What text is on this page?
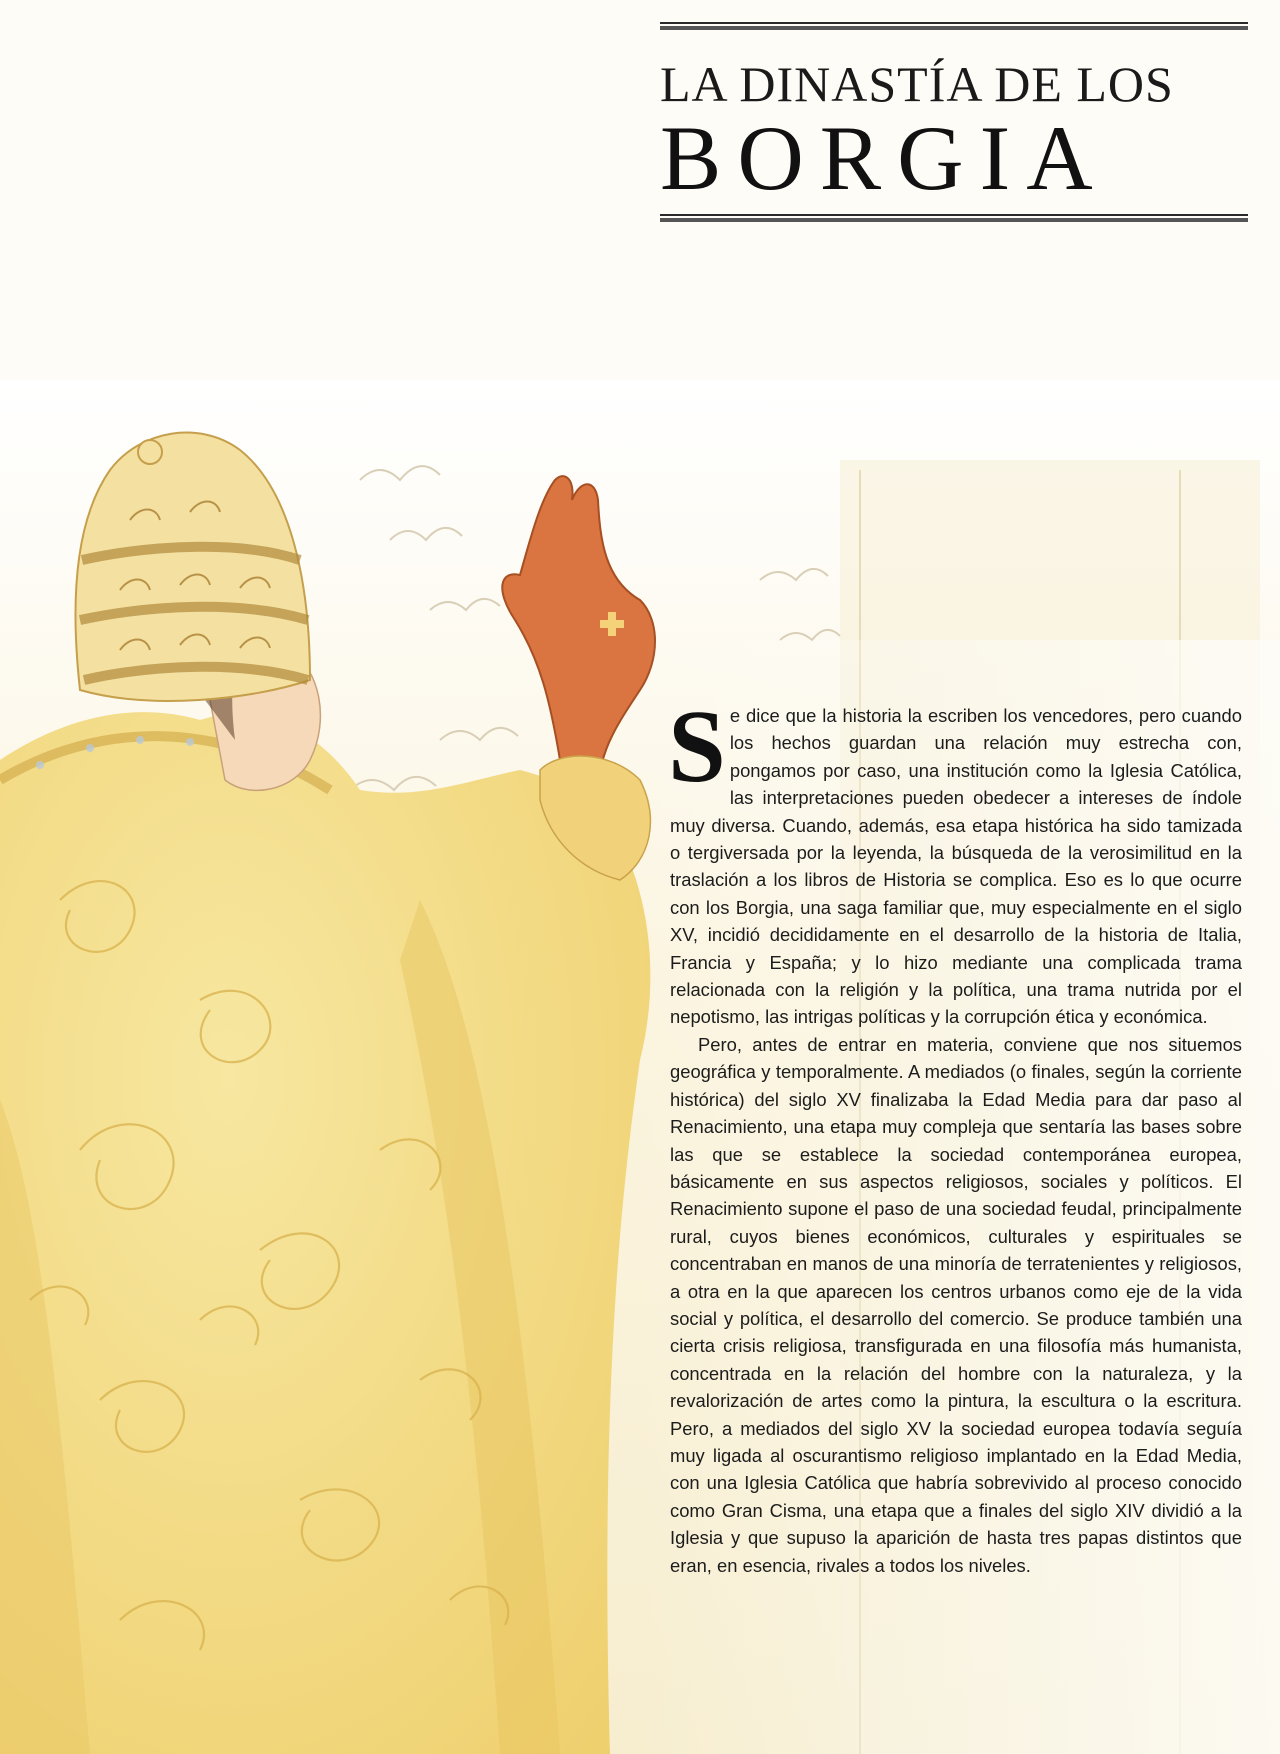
LA DINASTÍA DE LOS
BORGIA

Se dice que la historia la escriben los vencedores, pero cuando los hechos guardan una relación muy estrecha con, pongamos por caso, una institución como la Iglesia Católica, las interpretaciones pueden obedecer a intereses de índole muy diversa. Cuando, además, esa etapa histórica ha sido tamizada o tergiversada por la leyenda, la búsqueda de la verosimilitud en la traslación a los libros de Historia se complica. Eso es lo que ocurre con los Borgia, una saga familiar que, muy especialmente en el siglo XV, incidió decididamente en el desarrollo de la historia de Italia, Francia y España; y lo hizo mediante una complicada trama relacionada con la religión y la política, una trama nutrida por el nepotismo, las intrigas políticas y la corrupción ética y económica.

Pero, antes de entrar en materia, conviene que nos situemos geográfica y temporalmente. A mediados (o finales, según la corriente histórica) del siglo XV finalizaba la Edad Media para dar paso al Renacimiento, una etapa muy compleja que sentaría las bases sobre las que se establece la sociedad contemporánea europea, básicamente en sus aspectos religiosos, sociales y políticos. El Renacimiento supone el paso de una sociedad feudal, principalmente rural, cuyos bienes económicos, culturales y espirituales se concentraban en manos de una minoría de terratenientes y religiosos, a otra en la que aparecen los centros urbanos como eje de la vida social y política, el desarrollo del comercio. Se produce también una cierta crisis religiosa, transfigurada en una filosofía más humanista, concentrada en la relación del hombre con la naturaleza, y la revalorización de artes como la pintura, la escultura o la escritura. Pero, a mediados del siglo XV la sociedad europea todavía seguía muy ligada al oscurantismo religioso implantado en la Edad Media, con una Iglesia Católica que habría sobrevivido al proceso conocido como Gran Cisma, una etapa que a finales del siglo XIV dividió a la Iglesia y que supuso la aparición de hasta tres papas distintos que eran, en esencia, rivales a todos los niveles.
